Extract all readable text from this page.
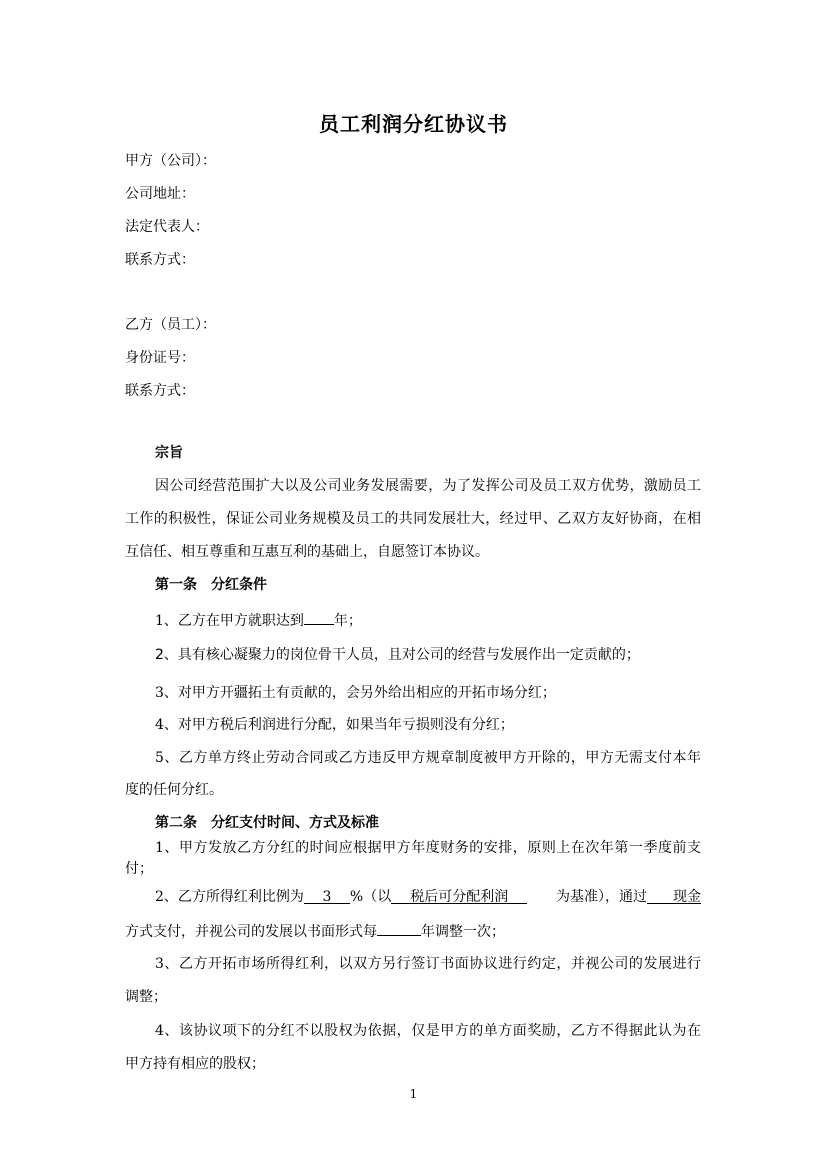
员工利润分红协议书
甲方（公司）：
公司地址：
法定代表人：
联系方式：
乙方（员工）：
身份证号：
联系方式：
宗旨
因公司经营范围扩大以及公司业务发展需要，为了发挥公司及员工双方优势，激励员工
工作的积极性，保证公司业务规模及员工的共同发展壮大，经过甲、乙双方友好协商，在相
互信任、相互尊重和互惠互利的基础上，自愿签订本协议。
第一条 分红条件
1、乙方在甲方就职达到 年；
2、具有核心凝聚力的岗位骨干人员，且对公司的经营与发展作出一定贡献的；
3、对甲方开疆拓土有贡献的，会另外给出相应的开拓市场分红；
4、对甲方税后利润进行分配，如果当年亏损则没有分红；
5、乙方单方终止劳动合同或乙方违反甲方规章制度被甲方开除的，甲方无需支付本年
度的任何分红。
第二条 分红支付时间、方式及标准
1、甲方发放乙方分红的时间应根据甲方年度财务的安排，原则上在次年第一季度前支
付；
2、乙方所得红利比例为 3 %（以 税后可分配利润	为基准），通过 现金
方式支付，并视公司的发展以书面形式每	年调整一次；
3、乙方开拓市场所得红利，以双方另行签订书面协议进行约定，并视公司的发展进行
调整；
4、该协议项下的分红不以股权为依据，仅是甲方的单方面奖励，乙方不得据此认为在
甲方持有相应的股权；
1
